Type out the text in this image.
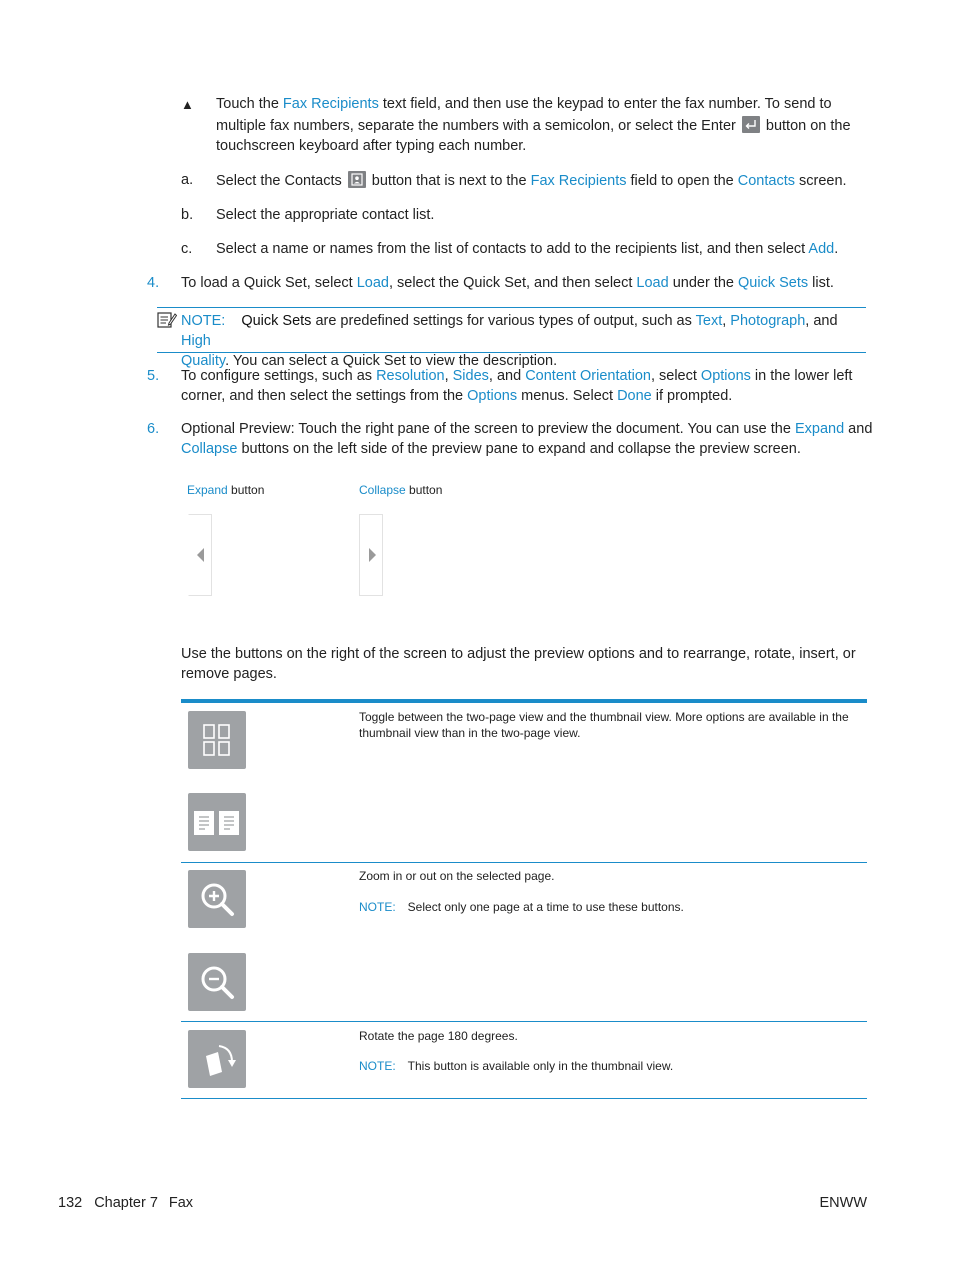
▲ Touch the Fax Recipients text field, and then use the keypad to enter the fax number. To send to
multiple fax numbers, separate the numbers with a semicolon, or select the Enter  button on the
touchscreen keyboard after typing each number.
a. Select the Contacts  button that is next to the Fax Recipients field to open the Contacts screen.
b. Select the appropriate contact list.
c. Select a name or names from the list of contacts to add to the recipients list, and then select Add.
4. To load a Quick Set, select Load, select the Quick Set, and then select Load under the Quick Sets list.
NOTE: Quick Sets are predefined settings for various types of output, such as Text, Photograph, and High
Quality. You can select a Quick Set to view the description.
5. To configure settings, such as Resolution, Sides, and Content Orientation, select Options in the lower left
corner, and then select the settings from the Options menus. Select Done if prompted.
6. Optional Preview: Touch the right pane of the screen to preview the document. You can use the Expand and
Collapse buttons on the left side of the preview pane to expand and collapse the preview screen.
Expand button	Collapse button
Use the buttons on the right of the screen to adjust the preview options and to rearrange, rotate, insert, or
remove pages.
Toggle between the two-page view and the thumbnail view. More options are available in the
thumbnail view than in the two-page view.
Zoom in or out on the selected page.
NOTE: Select only one page at a time to use these buttons.
Rotate the page 180 degrees.
NOTE: This button is available only in the thumbnail view.
132 Chapter 7 Fax	ENWW
